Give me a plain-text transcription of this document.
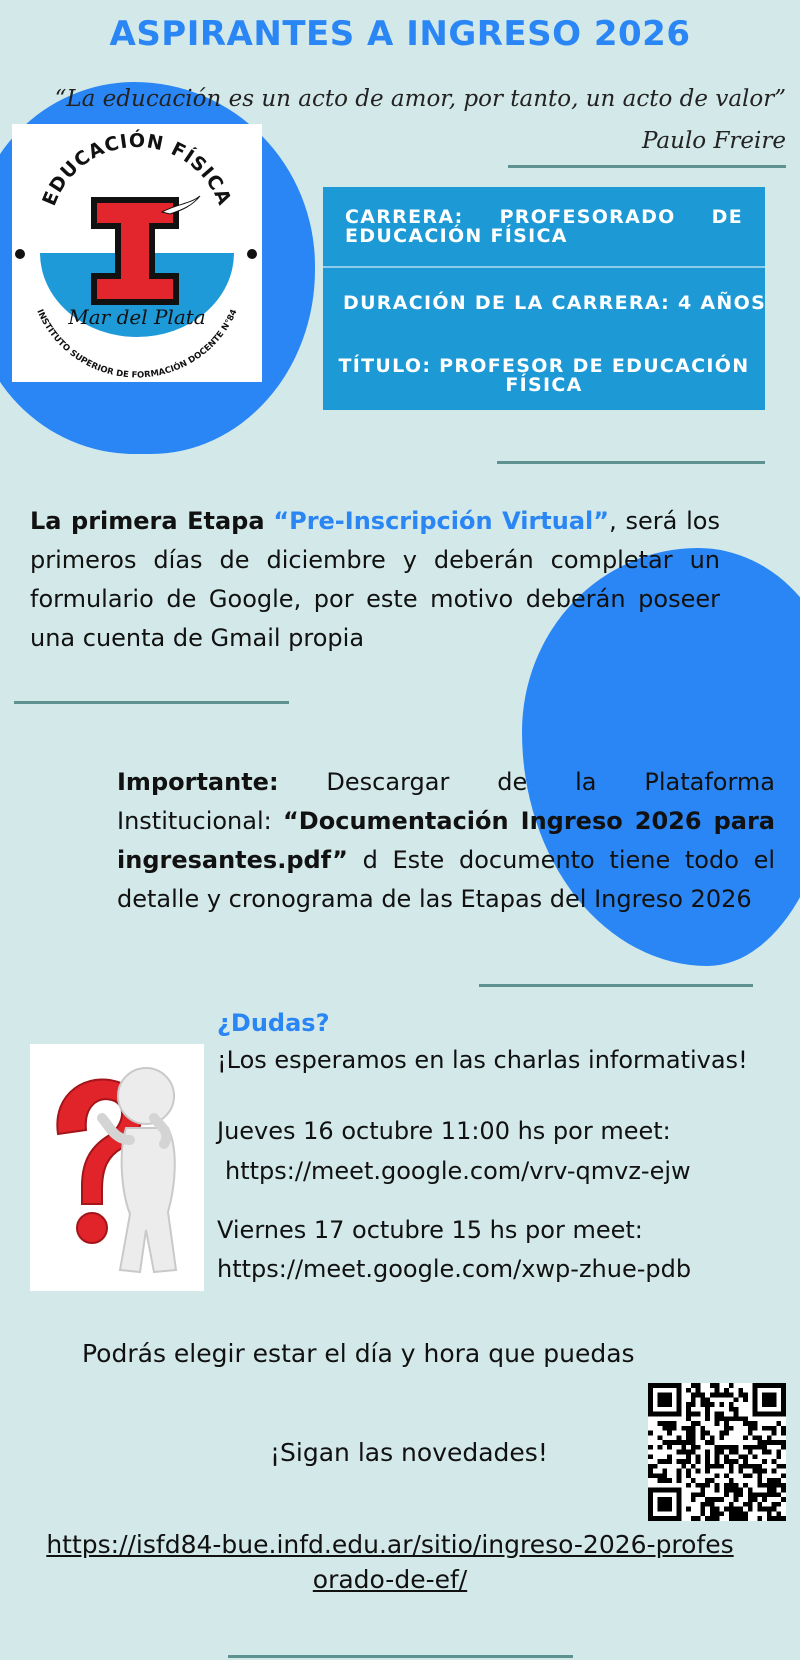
ASPIRANTES A INGRESO 2026
“La educación es un acto de amor, por tanto, un acto de valor”
Paulo Freire
EDUCACIÓN FÍSICA
Mar del Plata
INSTITUTO SUPERIOR DE FORMACIÓN DOCENTE N°84
CARRERA: PROFESORADO DE EDUCACIÓN FÍSICA
DURACIÓN DE LA CARRERA: 4 AÑOS
TÍTULO: PROFESOR DE EDUCACIÓN FÍSICA
La primera Etapa “Pre-Inscripción Virtual”, será los primeros días de diciembre y deberán completar un formulario de Google, por este motivo deberán poseer una cuenta de Gmail propia
Importante: Descargar de la Plataforma Institucional: “Documentación Ingreso 2026 para ingresantes.pdf” d Este documento tiene todo el detalle y cronograma de las Etapas del Ingreso 2026
¿Dudas?
¡Los esperamos en las charlas informativas!
Jueves 16 octubre 11:00 hs por meet:
https://meet.google.com/vrv-qmvz-ejw
Viernes 17 octubre 15 hs por meet:
https://meet.google.com/xwp-zhue-pdb
Podrás elegir estar el día y hora que puedas
¡Sigan las novedades!
https://isfd84-bue.infd.edu.ar/sitio/ingreso-2026-profesorado-de-ef/
